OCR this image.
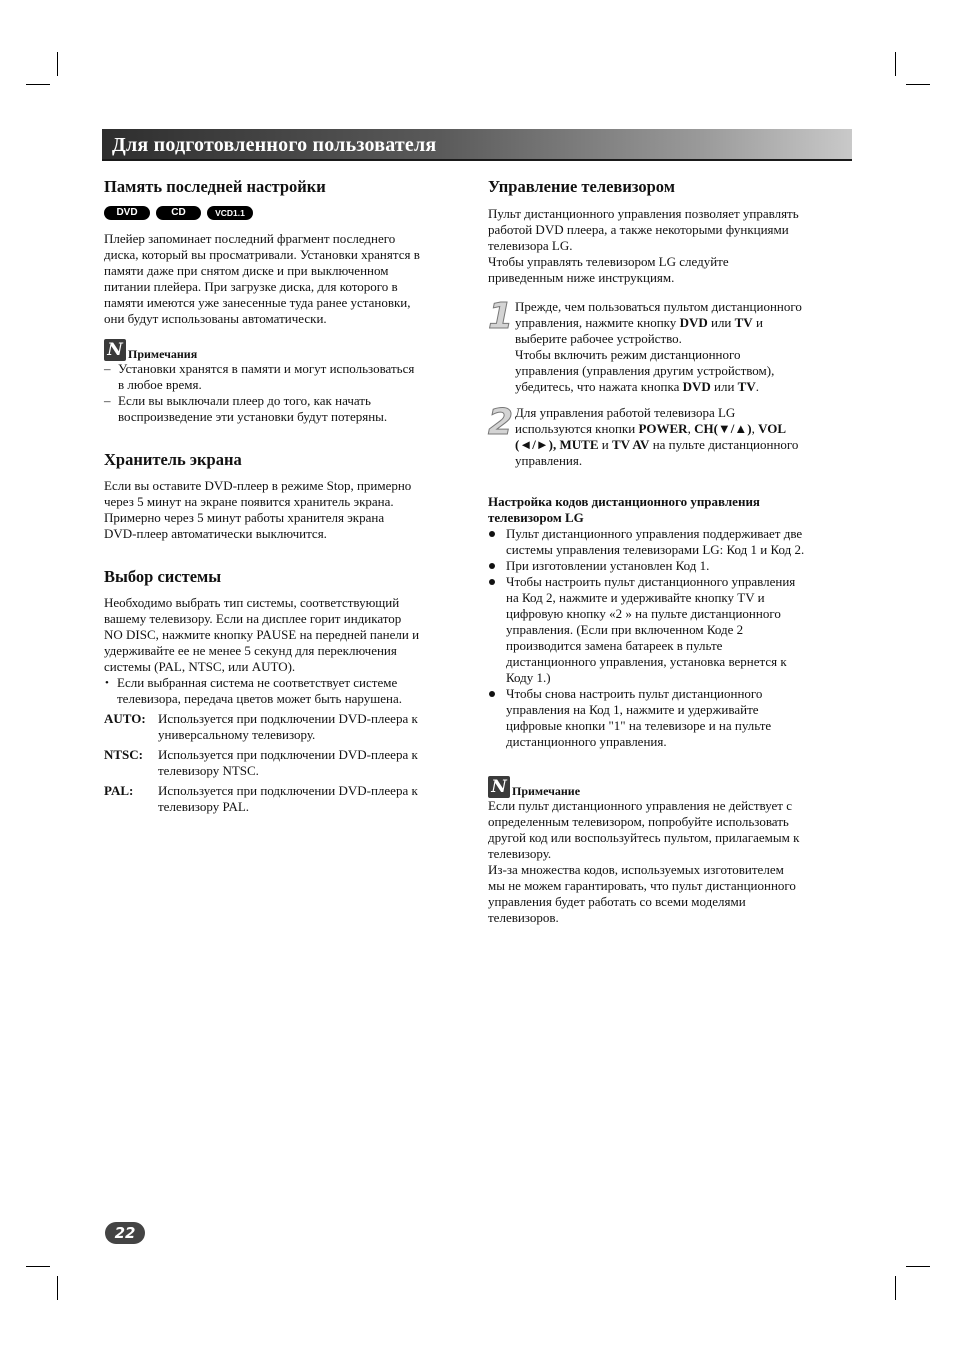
Для подготовленного пользователя
Память последней настройки
DVD	CD	VCD1.1

Плейер запоминает последний фрагмент последнего

диска, который вы просматривали. Установки хранятся в

памяти даже при снятом диске и при выключенном

питании плейера. При загрузке диска, для которого в

памяти имеются уже занесенные туда ранее установки,

они будут использованы автоматически.

N Примечания
– Установки хранятся в памяти и могут использоваться
в любое время.
– Если вы выключали плеер до того, как начать
воспроизведение эти установки будут потеряны.
Хранитель экрана

Если вы оставите DVD-плеер в режиме Stop, примерно

через 5 минут на экране появится хранитель экрана.

Примерно через 5 минут работы хранителя экрана

DVD-плеер автоматически выключится.

Выбор системы

Необходимо выбрать тип системы, соответствующий

вашему телевизору. Если на дисплее горит индикатор

NO DISC, нажмите кнопку PAUSE на передней панели и

удерживайте ее не менее 5 секунд для переключения

системы (PAL, NTSC, или AUTO).

• Если выбранная система не соответствует системе
телевизора, передача цветов может быть нарушена.
AUTO: Используется при подключении DVD-плеера к
универсальному телевизору.
NTSC:	Используется при подключении DVD-плеера к
телевизору NTSC.
PAL:	Используется при подключении DVD-плеера к
телевизору PAL.
Управление телевизором

Пульт дистанционного управления позволяет управлять

работой DVD плеера, а также некоторыми функциями

телевизора LG.

Чтобы управлять телевизором LG следуйте

приведенным ниже инструкциям.

1 Прежде, чем пользоваться пультом дистанционного
управления, нажмите кнопку DVD или TV и
выберите рабочее устройство.
Чтобы включить режим дистанционного
управления (управления другим устройством),
убедитесь, что нажата кнопка DVD или TV.
2 Для управления работой телевизора LG
используются кнопки POWER, CH(▼/▲), VOL
(◄/►), MUTE и TV AV на пульте дистанционного
управления.
Настройка кодов дистанционного управления
телевизором LG
Пульт дистанционного управления поддерживает две
системы управления телевизорами LG: Код 1 и Код 2.
При изготовлении установлен Код 1.
Чтобы настроить пульт дистанционного управления
на Код 2, нажмите и удерживайте кнопку TV и
цифровую кнопку «2 » на пульте дистанционного
управления. (Если при включенном Коде 2
производится замена батареек в пульте
дистанционного управления, установка вернется к
Коду 1.)
Чтобы снова настроить пульт дистанционного
управления на Код 1, нажмите и удерживайте
цифровые кнопки "1" на телевизоре и на пульте
дистанционного управления.
N Примечание

Если пульт дистанционного управления не действует с

определенным телевизором, попробуйте использовать

другой код или воспользуйтесь пультом, прилагаемым к

телевизору.

Из-за множества кодов, используемых изготовителем

мы не можем гарантировать, что пульт дистанционного

управления будет работать со всеми моделями

телевизоров.

22
